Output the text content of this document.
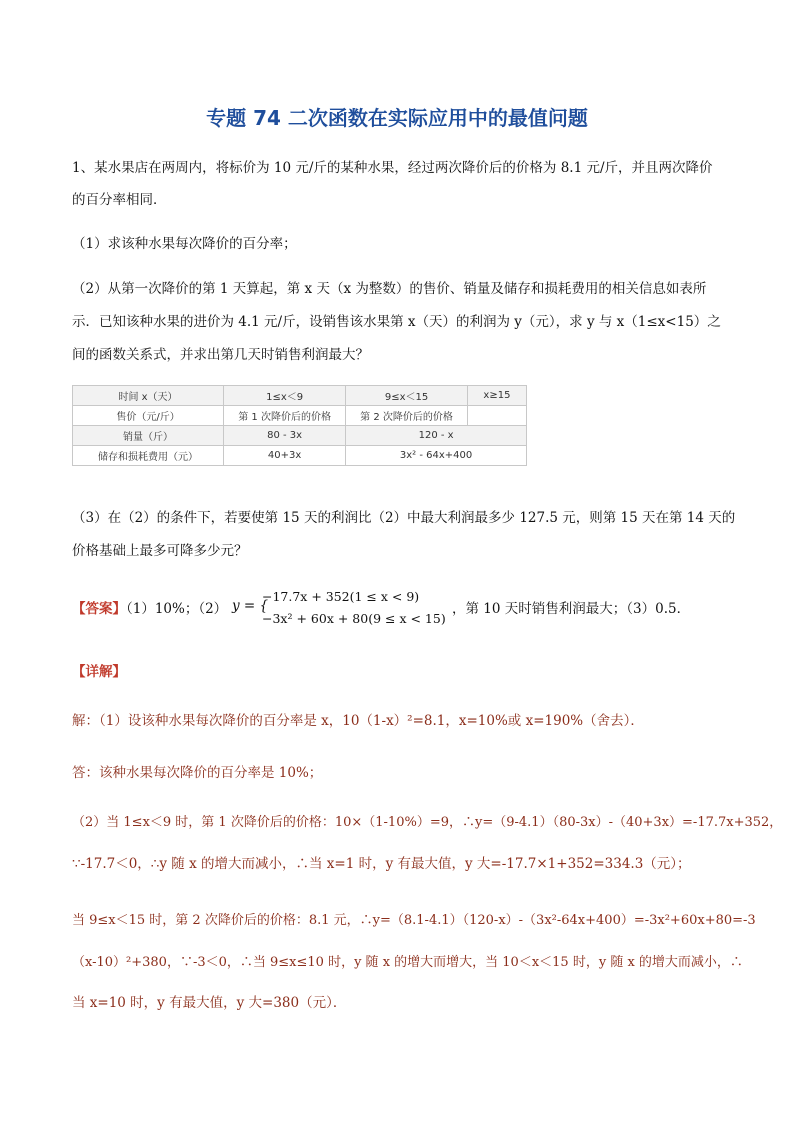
专题 74 二次函数在实际应用中的最值问题
1、某水果店在两周内，将标价为 10 元/斤的某种水果，经过两次降价后的价格为 8.1 元/斤，并且两次降价
的百分率相同．
（1）求该种水果每次降价的百分率；
（2）从第一次降价的第 1 天算起，第 x 天（x 为整数）的售价、销量及储存和损耗费用的相关信息如表所
示．已知该种水果的进价为 4.1 元/斤，设销售该水果第 x（天）的利润为 y（元），求 y 与 x（1≤x<15）之
间的函数关系式，并求出第几天时销售利润最大？
时间 x（天）	1≤x＜9	9≤x＜15	x≥15
售价（元/斤）	第 1 次降价后的价格	第 2 次降价后的价格	
销量（斤）	80 - 3x	120 - x	
储存和损耗费用（元）	40+3x	3x² - 64x+400	
（3）在（2）的条件下，若要使第 15 天的利润比（2）中最大利润最多少 127.5 元，则第 15 天在第 14 天的
价格基础上最多可降多少元？
【答案】（1）10%；（2） y = {
−17.7x + 352(1 ≤ x < 9)
−3x² + 60x + 80(9 ≤ x < 15)
，第 10 天时销售利润最大；（3）0.5．
【详解】
解：（1）设该种水果每次降价的百分率是 x，10（1-x）²=8.1，x=10%或 x=190%（舍去）．
答：该种水果每次降价的百分率是 10%；
（2）当 1≤x＜9 时，第 1 次降价后的价格：10×（1-10%）=9，∴y=（9-4.1）（80-3x）-（40+3x）=-17.7x+352，
∵-17.7＜0，∴y 随 x 的增大而减小，∴当 x=1 时，y 有最大值，y 大=-17.7×1+352=334.3（元）；
当 9≤x＜15 时，第 2 次降价后的价格：8.1 元，∴y=（8.1-4.1）（120-x）-（3x²-64x+400）=-3x²+60x+80=-3
（x-10）²+380，∵-3＜0，∴当 9≤x≤10 时，y 随 x 的增大而增大，当 10＜x＜15 时，y 随 x 的增大而减小，∴
当 x=10 时，y 有最大值，y 大=380（元）．
